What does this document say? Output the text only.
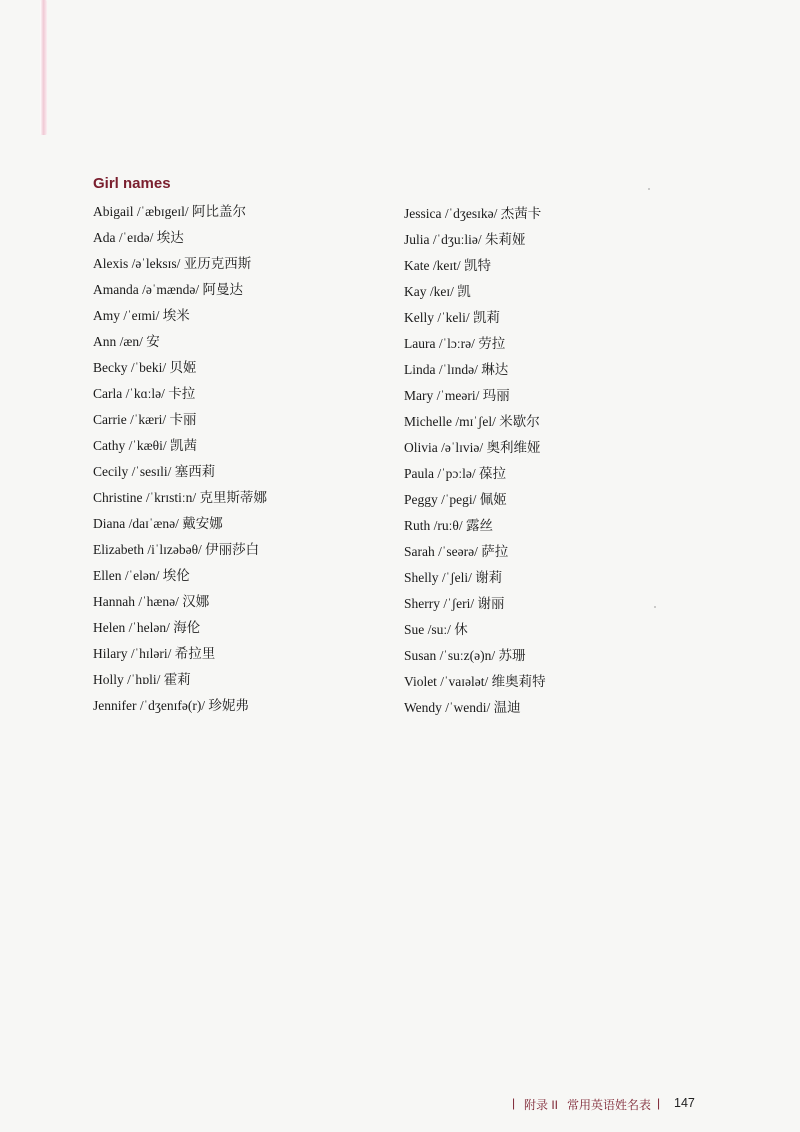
Girl names
Abigail /ˈæbɪgeɪl/ 阿比盖尔
Ada /ˈeɪdə/ 埃达
Alexis /əˈleksɪs/ 亚历克西斯
Amanda /əˈmændə/ 阿曼达
Amy /ˈeɪmi/ 埃米
Ann /æn/ 安
Becky /ˈbeki/ 贝姬
Carla /ˈkɑːlə/ 卡拉
Carrie /ˈkæri/ 卡丽
Cathy /ˈkæθi/ 凯茜
Cecily /ˈsesɪli/ 塞西莉
Christine /ˈkrɪstiːn/ 克里斯蒂娜
Diana /daɪˈænə/ 戴安娜
Elizabeth /iˈlɪzəbəθ/ 伊丽莎白
Ellen /ˈelən/ 埃伦
Hannah /ˈhænə/ 汉娜
Helen /ˈhelən/ 海伦
Hilary /ˈhɪləri/ 希拉里
Holly /ˈhɒli/ 霍莉
Jennifer /ˈdʒenɪfə(r)/ 珍妮弗
Jessica /ˈdʒesɪkə/ 杰茜卡
Julia /ˈdʒuːliə/ 朱莉娅
Kate /keɪt/ 凯特
Kay /keɪ/ 凯
Kelly /ˈkeli/ 凯莉
Laura /ˈlɔːrə/ 劳拉
Linda /ˈlɪndə/ 琳达
Mary /ˈmeəri/ 玛丽
Michelle /mɪˈʃel/ 米歇尔
Olivia /əˈlɪviə/ 奥利维娅
Paula /ˈpɔːlə/ 葆拉
Peggy /ˈpegi/ 佩姬
Ruth /ruːθ/ 露丝
Sarah /ˈseərə/ 萨拉
Shelly /ˈʃeli/ 谢莉
Sherry /ˈʃeri/ 谢丽
Sue /suː/ 休
Susan /ˈsuːz(ə)n/ 苏珊
Violet /ˈvaɪələt/ 维奥莉特
Wendy /ˈwendi/ 温迪
| 附录 II 常用英语姓名表 | 147
